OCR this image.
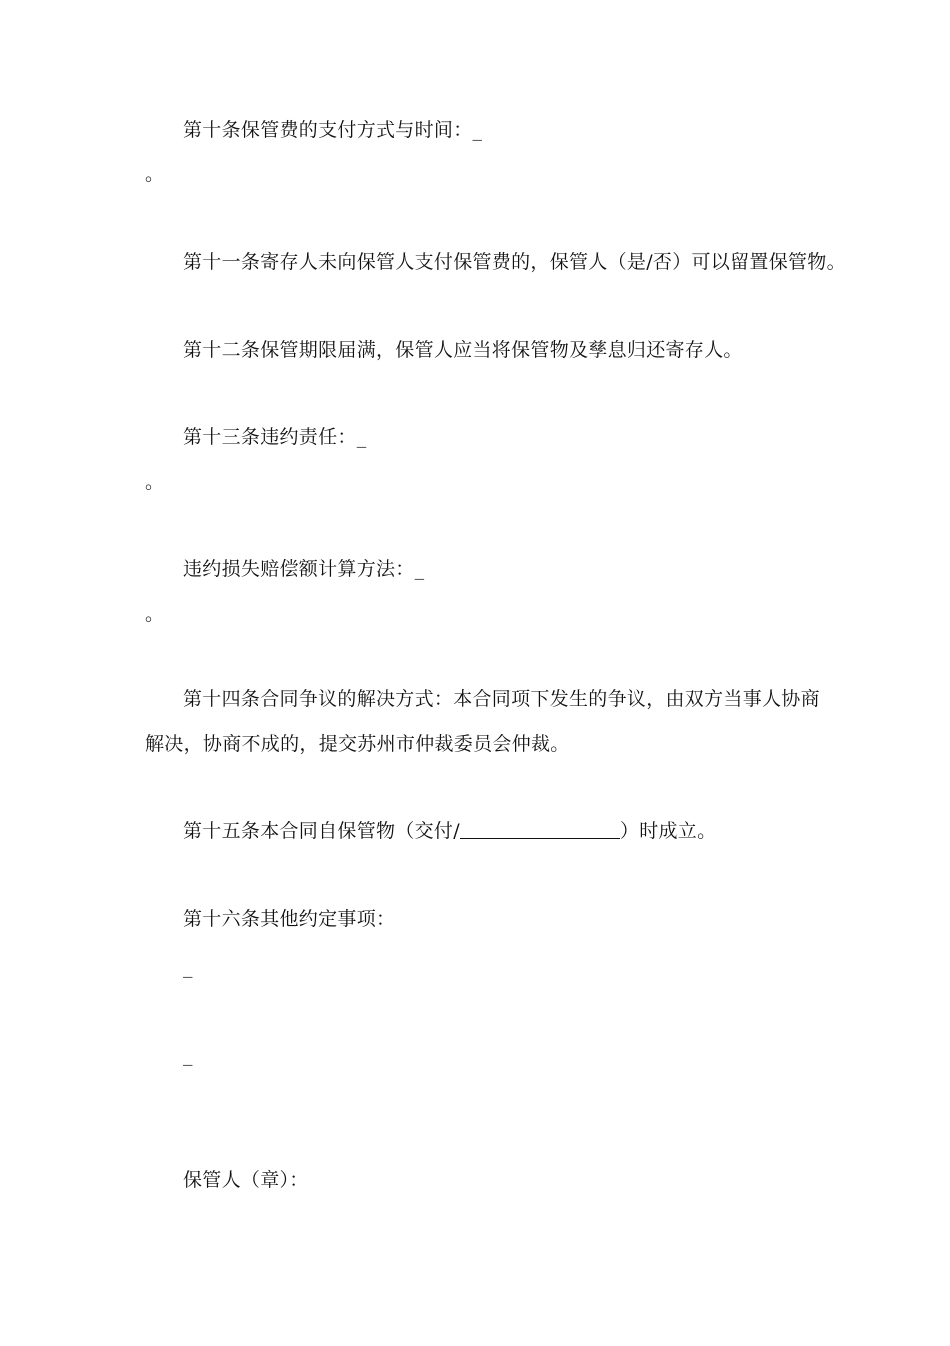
第十条保管费的支付方式与时间：_
。
第十一条寄存人未向保管人支付保管费的，保管人（是/否）可以留置保管物。
第十二条保管期限届满，保管人应当将保管物及孳息归还寄存人。
第十三条违约责任：_
。
违约损失赔偿额计算方法：_
。
第十四条合同争议的解决方式：本合同项下发生的争议，由双方当事人协商
解决，协商不成的，提交苏州市仲裁委员会仲裁。
第十五条本合同自保管物（交付/	）时成立。
第十六条其他约定事项：
_
_
保管人（章）：
